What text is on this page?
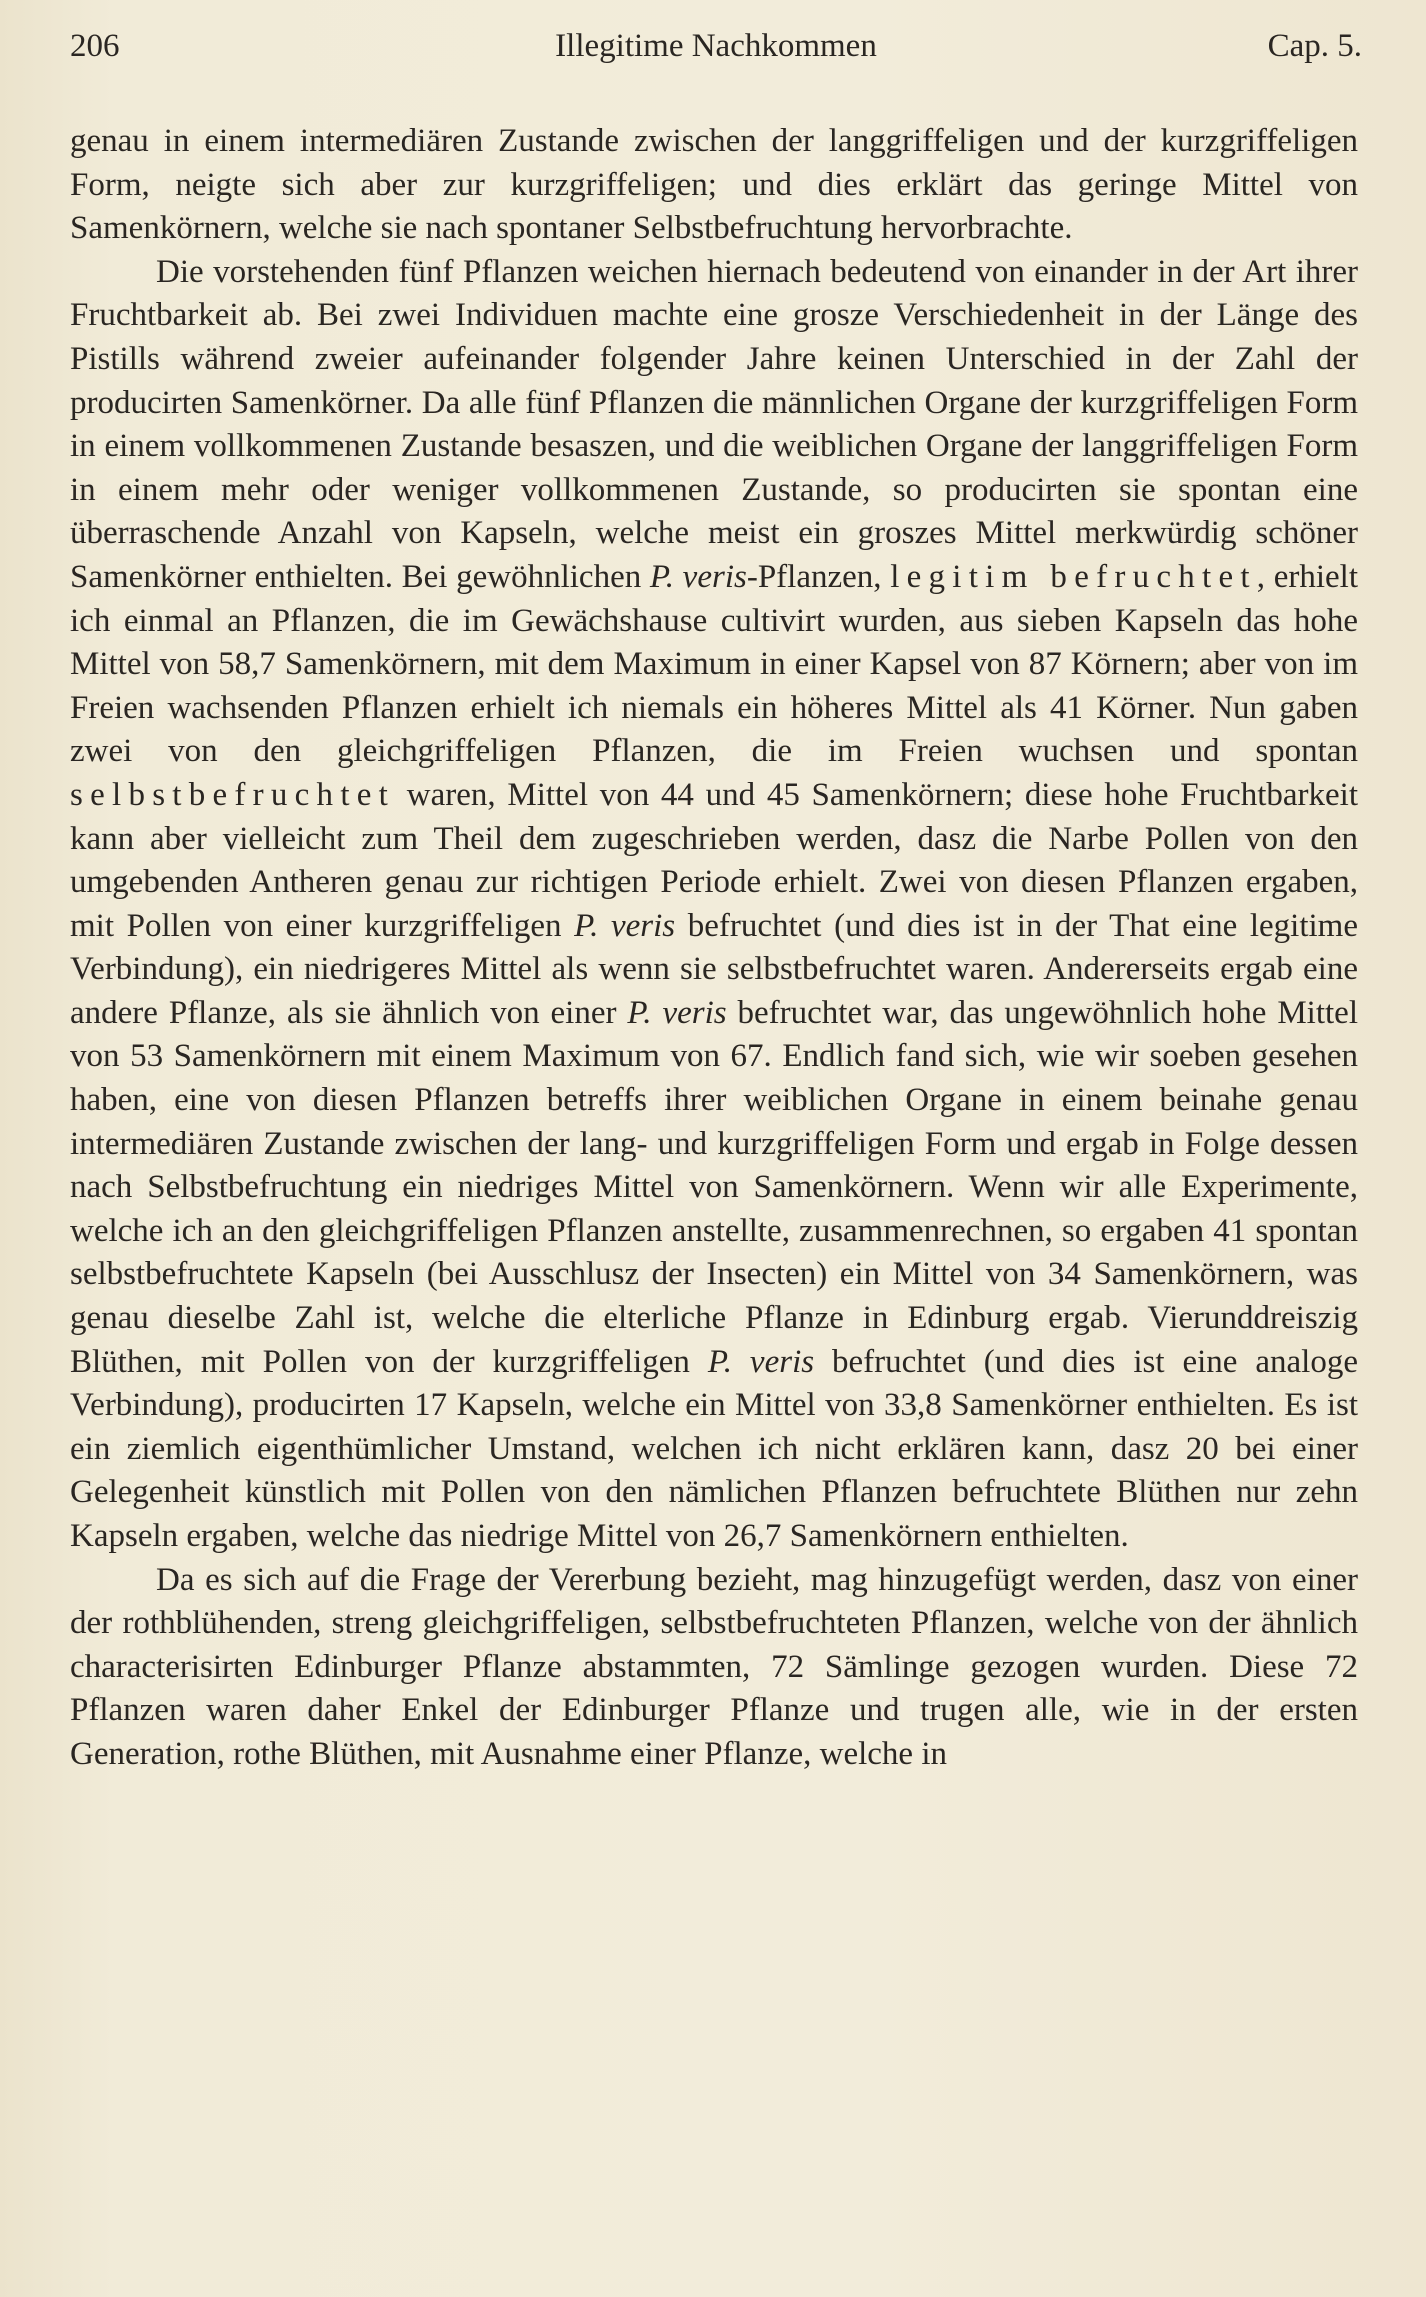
206	Illegitime Nachkommen	Cap. 5.

genau in einem intermediären Zustande zwischen der langgriffeligen und der kurzgriffeligen Form, neigte sich aber zur kurzgriffeligen; und dies erklärt das geringe Mittel von Samenkörnern, welche sie nach spontaner Selbstbefruchtung hervorbrachte.

Die vorstehenden fünf Pflanzen weichen hiernach bedeutend von einander in der Art ihrer Fruchtbarkeit ab. Bei zwei Individuen machte eine grosze Verschiedenheit in der Länge des Pistills während zweier aufeinander folgender Jahre keinen Unterschied in der Zahl der producirten Samenkörner. Da alle fünf Pflanzen die männlichen Organe der kurzgriffeligen Form in einem vollkommenen Zustande besaszen, und die weiblichen Organe der langgriffeligen Form in einem mehr oder weniger vollkommenen Zustande, so producirten sie spontan eine überraschende Anzahl von Kapseln, welche meist ein groszes Mittel merkwürdig schöner Samenkörner enthielten. Bei gewöhnlichen P. veris-Pflanzen, legitim befruchtet, erhielt ich einmal an Pflanzen, die im Gewächshause cultivirt wurden, aus sieben Kapseln das hohe Mittel von 58,7 Samenkörnern, mit dem Maximum in einer Kapsel von 87 Körnern; aber von im Freien wachsenden Pflanzen erhielt ich niemals ein höheres Mittel als 41 Körner. Nun gaben zwei von den gleichgriffeligen Pflanzen, die im Freien wuchsen und spontan selbstbefruchtet waren, Mittel von 44 und 45 Samenkörnern; diese hohe Fruchtbarkeit kann aber vielleicht zum Theil dem zugeschrieben werden, dasz die Narbe Pollen von den umgebenden Antheren genau zur richtigen Periode erhielt. Zwei von diesen Pflanzen ergaben, mit Pollen von einer kurzgriffeligen P. veris befruchtet (und dies ist in der That eine legitime Verbindung), ein niedrigeres Mittel als wenn sie selbstbefruchtet waren. Andererseits ergab eine andere Pflanze, als sie ähnlich von einer P. veris befruchtet war, das ungewöhnlich hohe Mittel von 53 Samenkörnern mit einem Maximum von 67. Endlich fand sich, wie wir soeben gesehen haben, eine von diesen Pflanzen betreffs ihrer weiblichen Organe in einem beinahe genau intermediären Zustande zwischen der lang- und kurzgriffeligen Form und ergab in Folge dessen nach Selbstbefruchtung ein niedriges Mittel von Samenkörnern. Wenn wir alle Experimente, welche ich an den gleichgriffeligen Pflanzen anstellte, zusammenrechnen, so ergaben 41 spontan selbstbefruchtete Kapseln (bei Ausschlusz der Insecten) ein Mittel von 34 Samenkörnern, was genau dieselbe Zahl ist, welche die elterliche Pflanze in Edinburg ergab. Vierunddreiszig Blüthen, mit Pollen von der kurzgriffeligen P. veris befruchtet (und dies ist eine analoge Verbindung), producirten 17 Kapseln, welche ein Mittel von 33,8 Samenkörner enthielten. Es ist ein ziemlich eigenthümlicher Umstand, welchen ich nicht erklären kann, dasz 20 bei einer Gelegenheit künstlich mit Pollen von den nämlichen Pflanzen befruchtete Blüthen nur zehn Kapseln ergaben, welche das niedrige Mittel von 26,7 Samenkörnern enthielten.

Da es sich auf die Frage der Vererbung bezieht, mag hinzugefügt werden, dasz von einer der rothblühenden, streng gleichgriffeligen, selbstbefruchteten Pflanzen, welche von der ähnlich characterisirten Edinburger Pflanze abstammten, 72 Sämlinge gezogen wurden. Diese 72 Pflanzen waren daher Enkel der Edinburger Pflanze und trugen alle, wie in der ersten Generation, rothe Blüthen, mit Ausnahme einer Pflanze, welche in
